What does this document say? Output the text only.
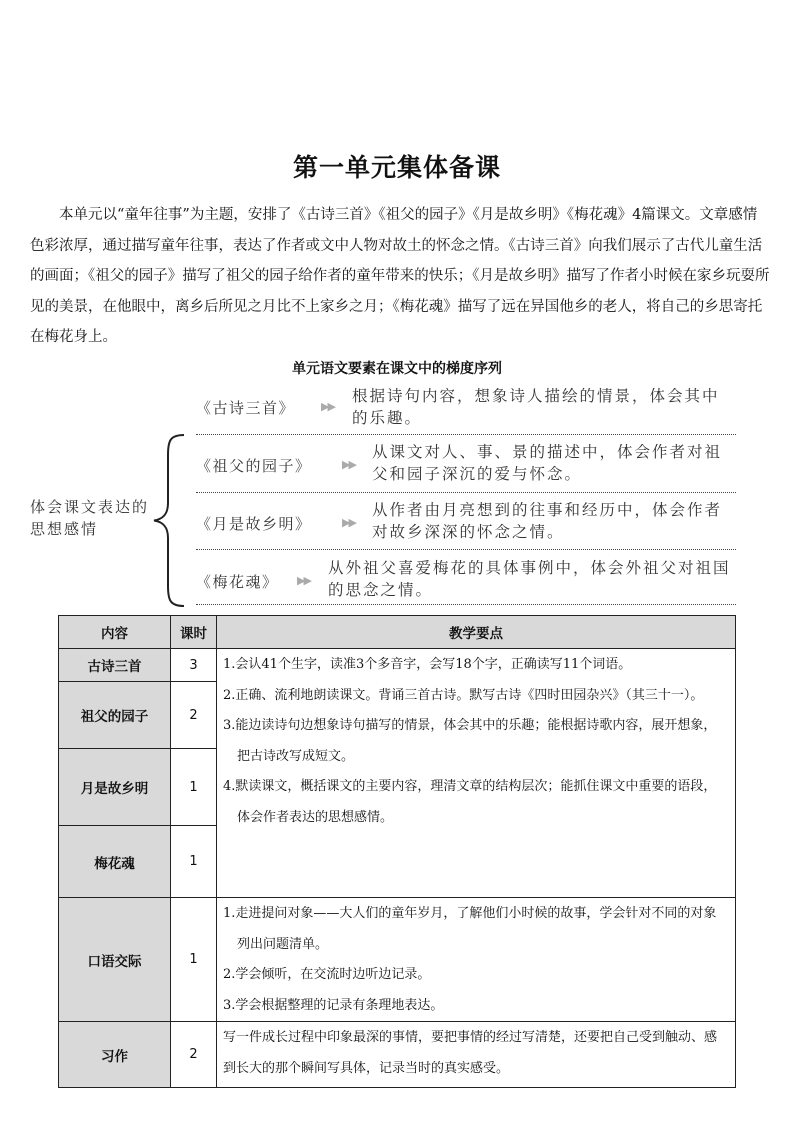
第一单元集体备课

本单元以“童年往事”为主题，安排了《古诗三首》《祖父的园子》《月是故乡明》《梅花魂》4篇课文。文章感情色彩浓厚，通过描写童年往事，表达了作者或文中人物对故土的怀念之情。《古诗三首》向我们展示了古代儿童生活的画面；《祖父的园子》描写了祖父的园子给作者的童年带来的快乐；《月是故乡明》描写了作者小时候在家乡玩耍所见的美景，在他眼中，离乡后所见之月比不上家乡之月；《梅花魂》描写了远在异国他乡的老人，将自己的乡思寄托在梅花身上。

单元语文要素在课文中的梯度序列
体会课文表达的思想感情
《古诗三首》 ▶▶
根据诗句内容，想象诗人描绘的情景，体会其中的乐趣。
《祖父的园子》	▶▶
从课文对人、事、景的描述中，体会作者对祖父和园子深沉的爱与怀念。
《月是故乡明》	▶▶
从作者由月亮想到的往事和经历中，体会作者对故乡深深的怀念之情。
《梅花魂》 ▶▶
从外祖父喜爱梅花的具体事例中，体会外祖父对祖国的思念之情。
内容	课时	教学要点
古诗三首	3	1.会认41个生字，读准3个多音字，会写18个字，正确读写11个词语。
2.正确、流利地朗读课文。背诵三首古诗。默写古诗《四时田园杂兴》（其三十一）。
3.能边读诗句边想象诗句描写的情景，体会其中的乐趣；能根据诗歌内容，展开想象，把古诗改写成短文。
4.默读课文，概括课文的主要内容，理清文章的结构层次；能抓住课文中重要的语段，体会作者表达的思想感情。

祖父的园子	2	
月是故乡明	1	
梅花魂	1	
口语交际	1	1.走进提问对象——大人们的童年岁月，了解他们小时候的故事，学会针对不同的对象列出问题清单。
2.学会倾听，在交流时边听边记录。
3.学会根据整理的记录有条理地表达。

习作	2	写一件成长过程中印象最深的事情，要把事情的经过写清楚，还要把自己受到触动、感到长大的那个瞬间写具体，记录当时的真实感受。
